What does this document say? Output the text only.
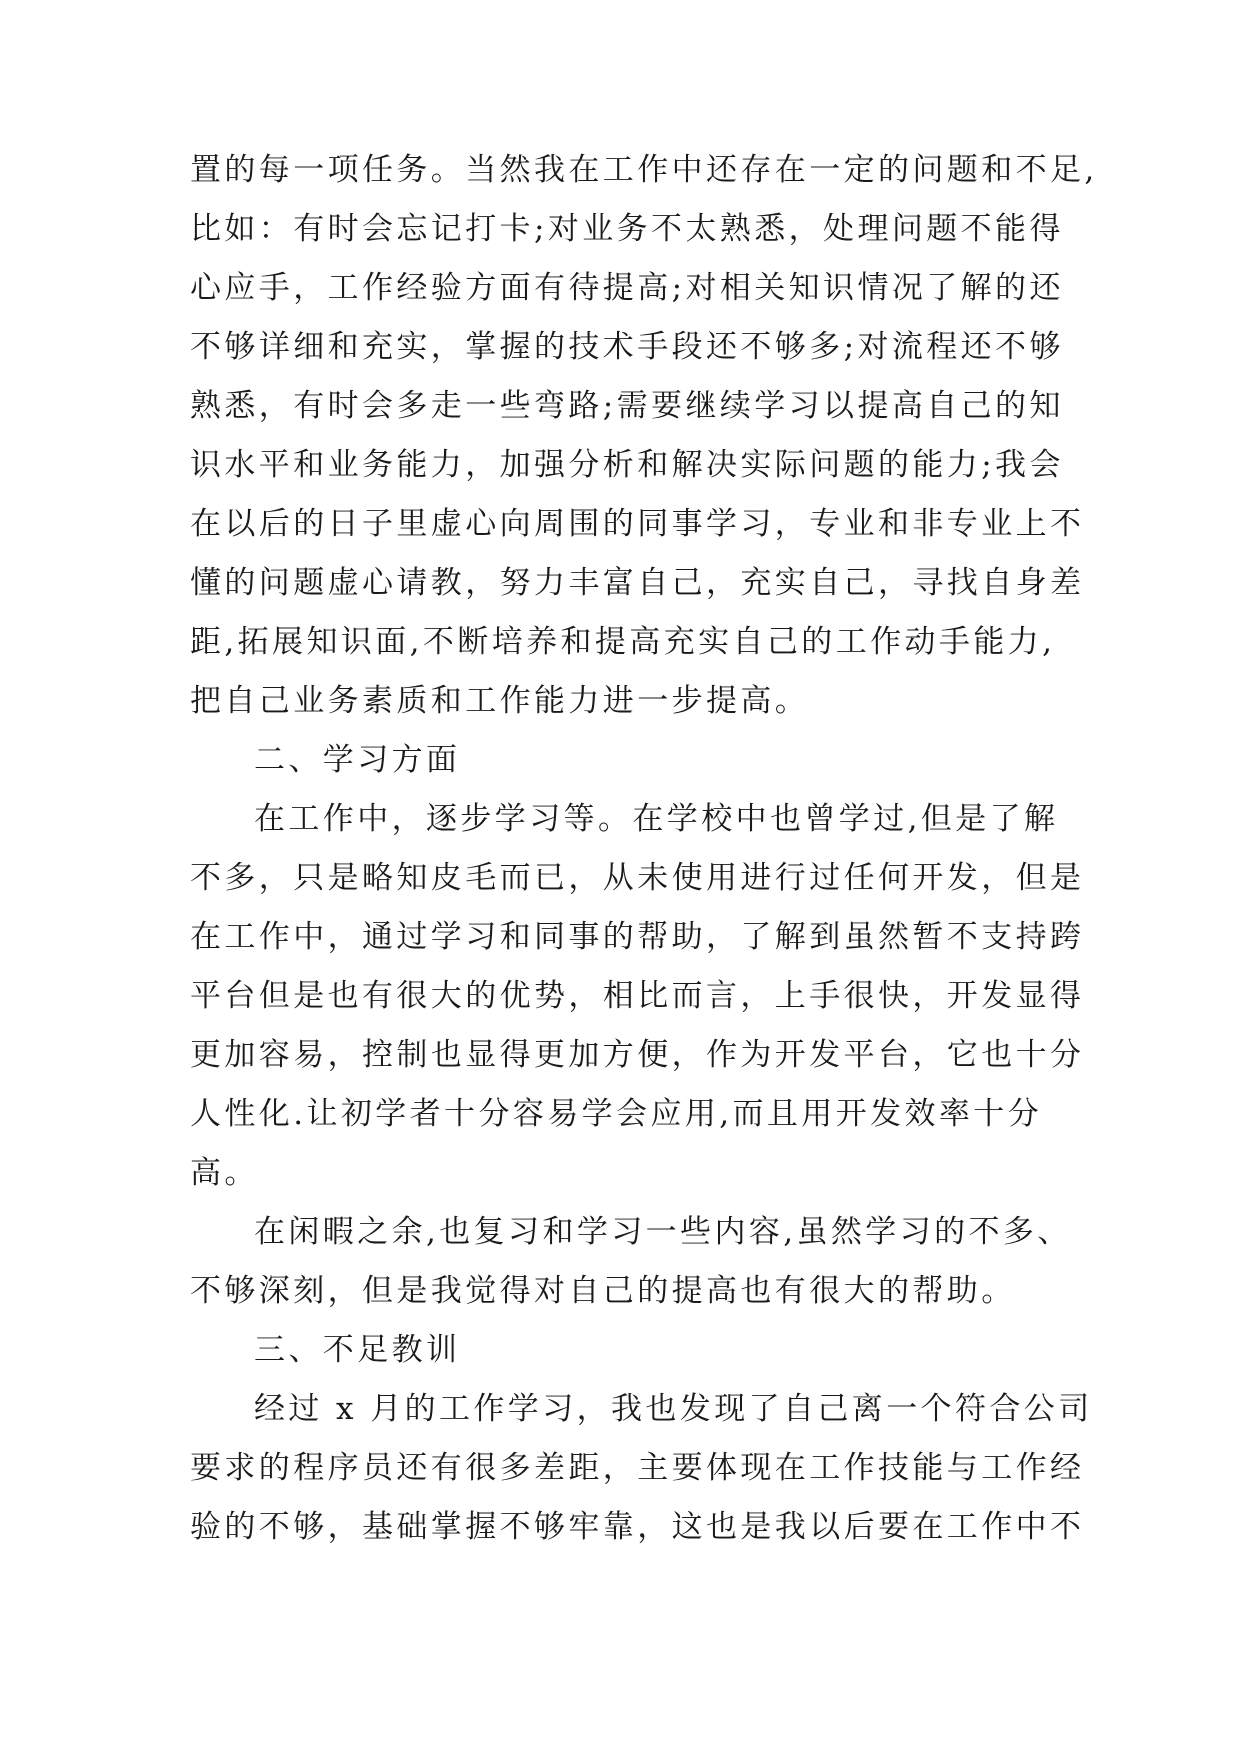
置的每一项任务。当然我在工作中还存在一定的问题和不足,
比如：有时会忘记打卡;对业务不太熟悉，处理问题不能得
心应手，工作经验方面有待提高;对相关知识情况了解的还
不够详细和充实，掌握的技术手段还不够多;对流程还不够
熟悉，有时会多走一些弯路;需要继续学习以提高自己的知
识水平和业务能力，加强分析和解决实际问题的能力;我会
在以后的日子里虚心向周围的同事学习，专业和非专业上不
懂的问题虚心请教，努力丰富自己，充实自己，寻找自身差
距,拓展知识面,不断培养和提高充实自己的工作动手能力,
把自己业务素质和工作能力进一步提高。
二、学习方面
在工作中，逐步学习等。在学校中也曾学过,但是了解
不多，只是略知皮毛而已，从未使用进行过任何开发，但是
在工作中，通过学习和同事的帮助，了解到虽然暂不支持跨
平台但是也有很大的优势，相比而言，上手很快，开发显得
更加容易，控制也显得更加方便，作为开发平台，它也十分
人性化.让初学者十分容易学会应用,而且用开发效率十分
高。
在闲暇之余,也复习和学习一些内容,虽然学习的不多、
不够深刻，但是我觉得对自己的提高也有很大的帮助。
三、不足教训
经过 x 月的工作学习，我也发现了自己离一个符合公司
要求的程序员还有很多差距，主要体现在工作技能与工作经
验的不够，基础掌握不够牢靠，这也是我以后要在工作中不
